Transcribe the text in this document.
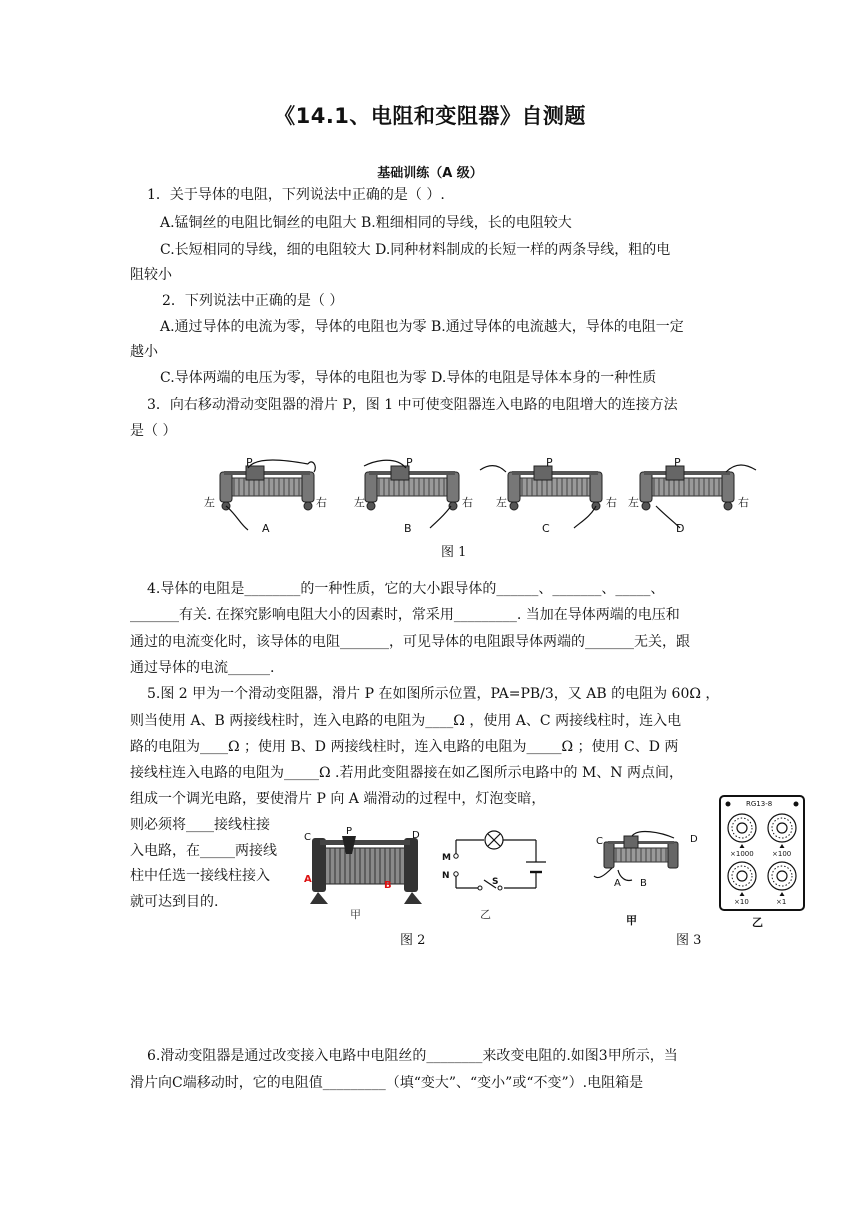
《14.1、电阻和变阻器》自测题
基础训练（A 级）
1．关于导体的电阻，下列说法中正确的是（ ）.
A.锰铜丝的电阻比铜丝的电阻大 B.粗细相同的导线，长的电阻较大
C.长短相同的导线，细的电阻较大 D.同种材料制成的长短一样的两条导线，粗的电
阻较小
2．下列说法中正确的是（ ）
A.通过导体的电流为零，导体的电阻也为零 B.通过导体的电流越大，导体的电阻一定
越小
C.导体两端的电压为零，导体的电阻也为零 D.导体的电阻是导体本身的一种性质
3．向右移动滑动变阻器的滑片 P，图 1 中可使变阻器连入电路的电阻增大的连接方法
是（ ）
P	P	P	P
左	右 左	右 左	右 左	右
A	B	C	D
图 1
4.导体的电阻是________的一种性质，它的大小跟导体的______、_______、_____、
_______有关. 在探究影响电阻大小的因素时，常采用_________. 当加在导体两端的电压和
通过的电流变化时，该导体的电阻_______，可见导体的电阻跟导体两端的_______无关，跟
通过导体的电流______.
5.图 2 甲为一个滑动变阻器，滑片 P 在如图所示位置，PA=PB/3，又 AB 的电阻为 60Ω ，
则当使用 A、B 两接线柱时，连入电路的电阻为____Ω ，使用 A、C 两接线柱时，连入电
路的电阻为____Ω ；使用 B、D 两接线柱时，连入电路的电阻为_____Ω ；使用 C、D 两
接线柱连入电路的电阻为_____Ω .若用此变阻器接在如乙图所示电路中的 M、N 两点间，
组成一个调光电路，要使滑片 P 向 A 端滑动的过程中，灯泡变暗，
则必须将____接线柱接
入电路，在_____两接线
柱中任选一接线柱接入
就可达到目的.
C	D
P
A
B
甲
M
N
S
乙
图 2
C	D
A B
甲
RG13-8
×1000	×100
×10	×1
乙
图 3
6.滑动变阻器是通过改变接入电路中电阻丝的________来改变电阻的.如图3甲所示，当
滑片向C端移动时，它的电阻值_________（填“变大”、“变小”或“不变”）.电阻箱是
